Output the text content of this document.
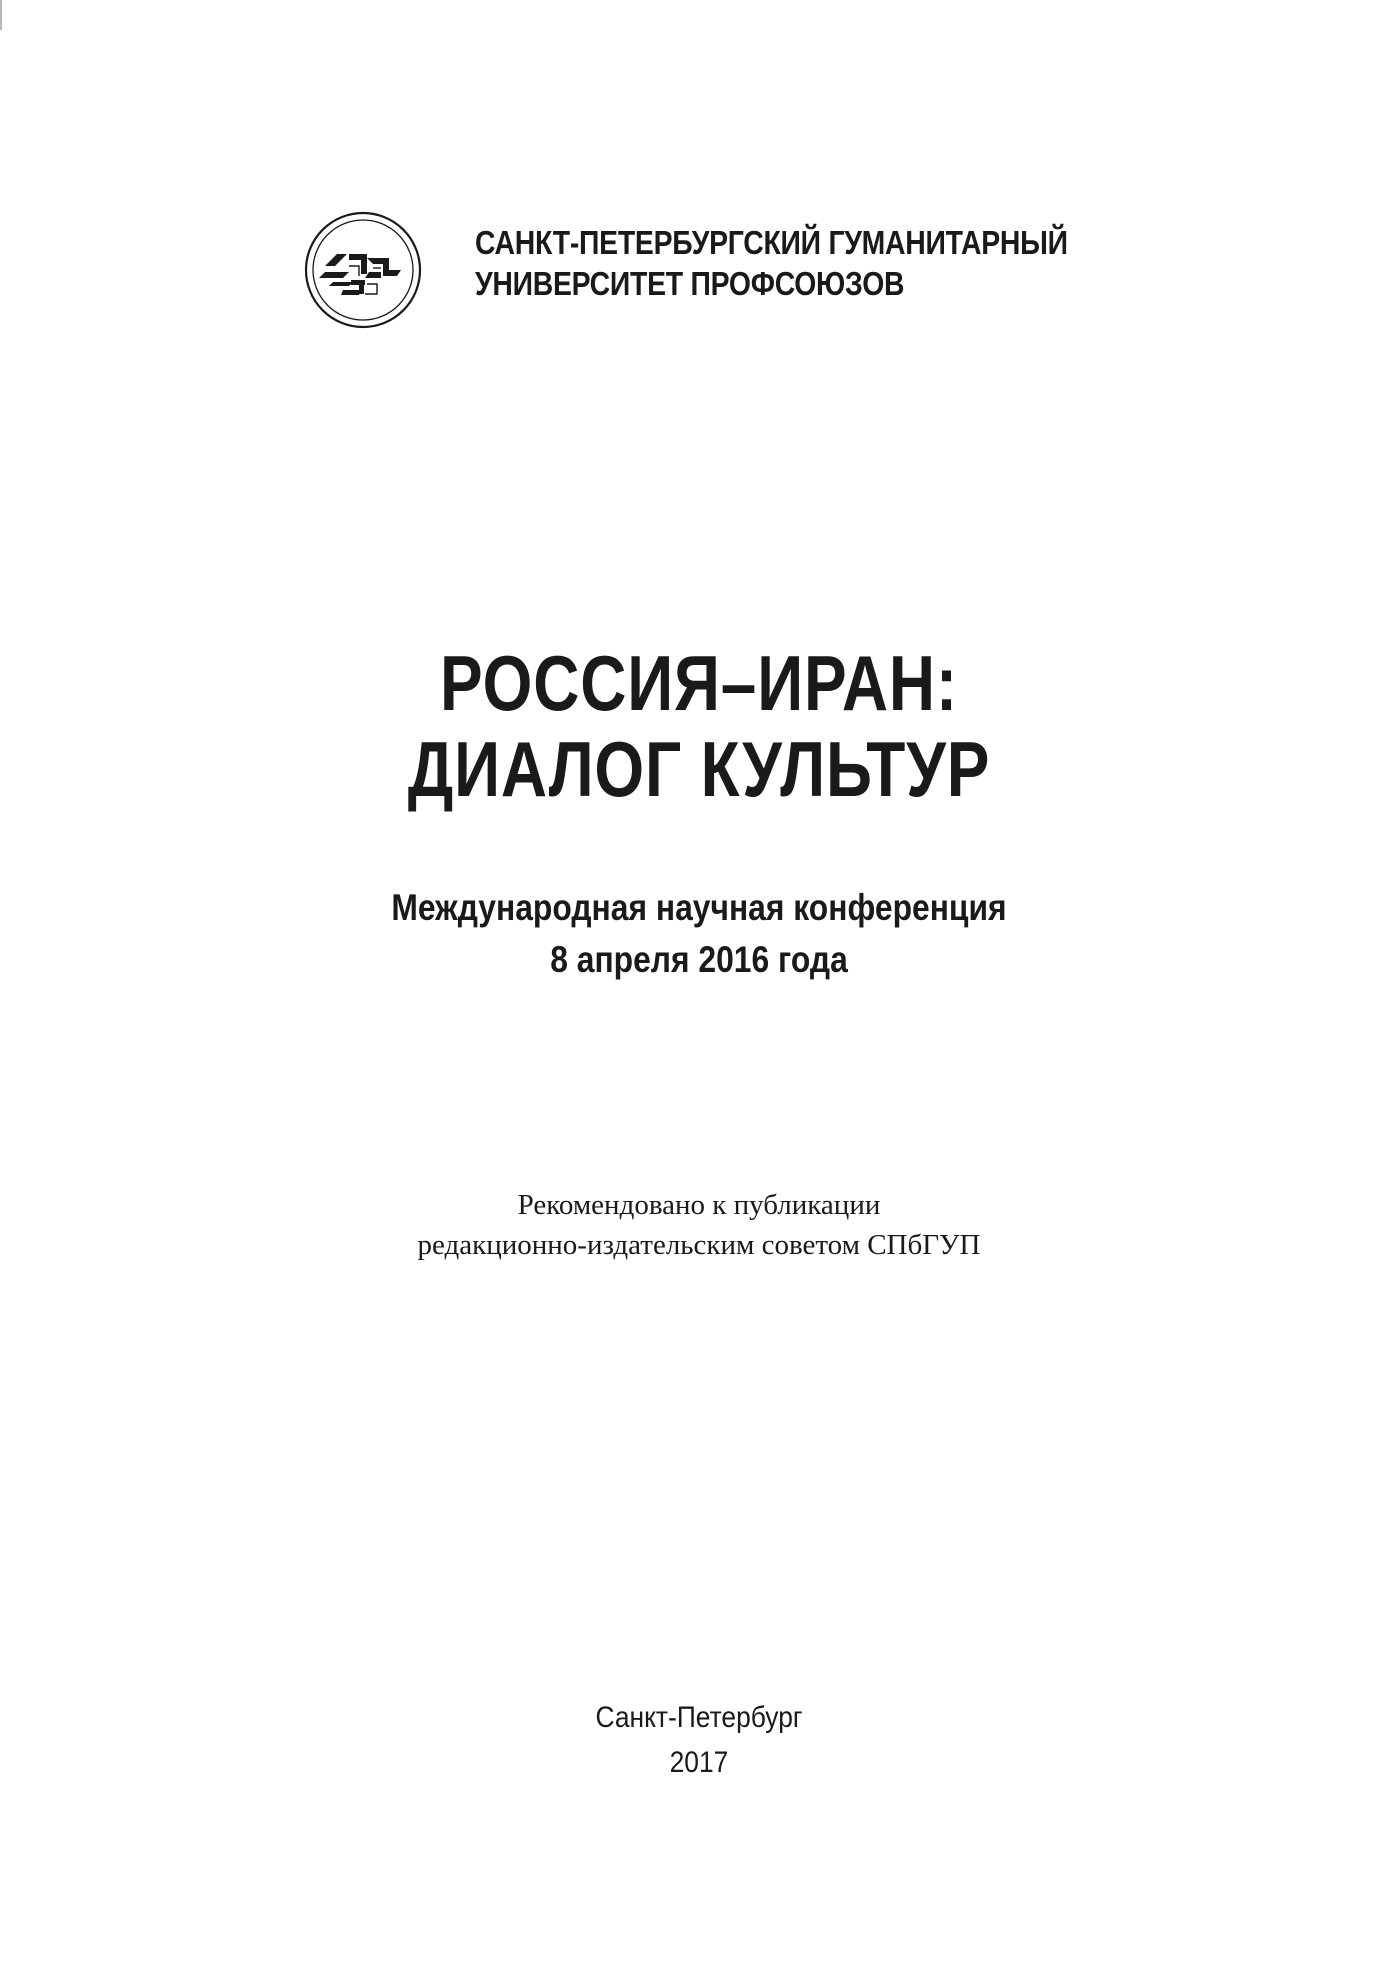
САНКТ-ПЕТЕРБУРГСКИЙ ГУМАНИТАРНЫЙ
УНИВЕРСИТЕТ ПРОФСОЮЗОВ
РОССИЯ–ИРАН:
ДИАЛОГ КУЛЬТУР
Международная научная конференция
8 апреля 2016 года
Рекомендовано к публикации
редакционно-издательским советом СПбГУП
Санкт-Петербург
2017
